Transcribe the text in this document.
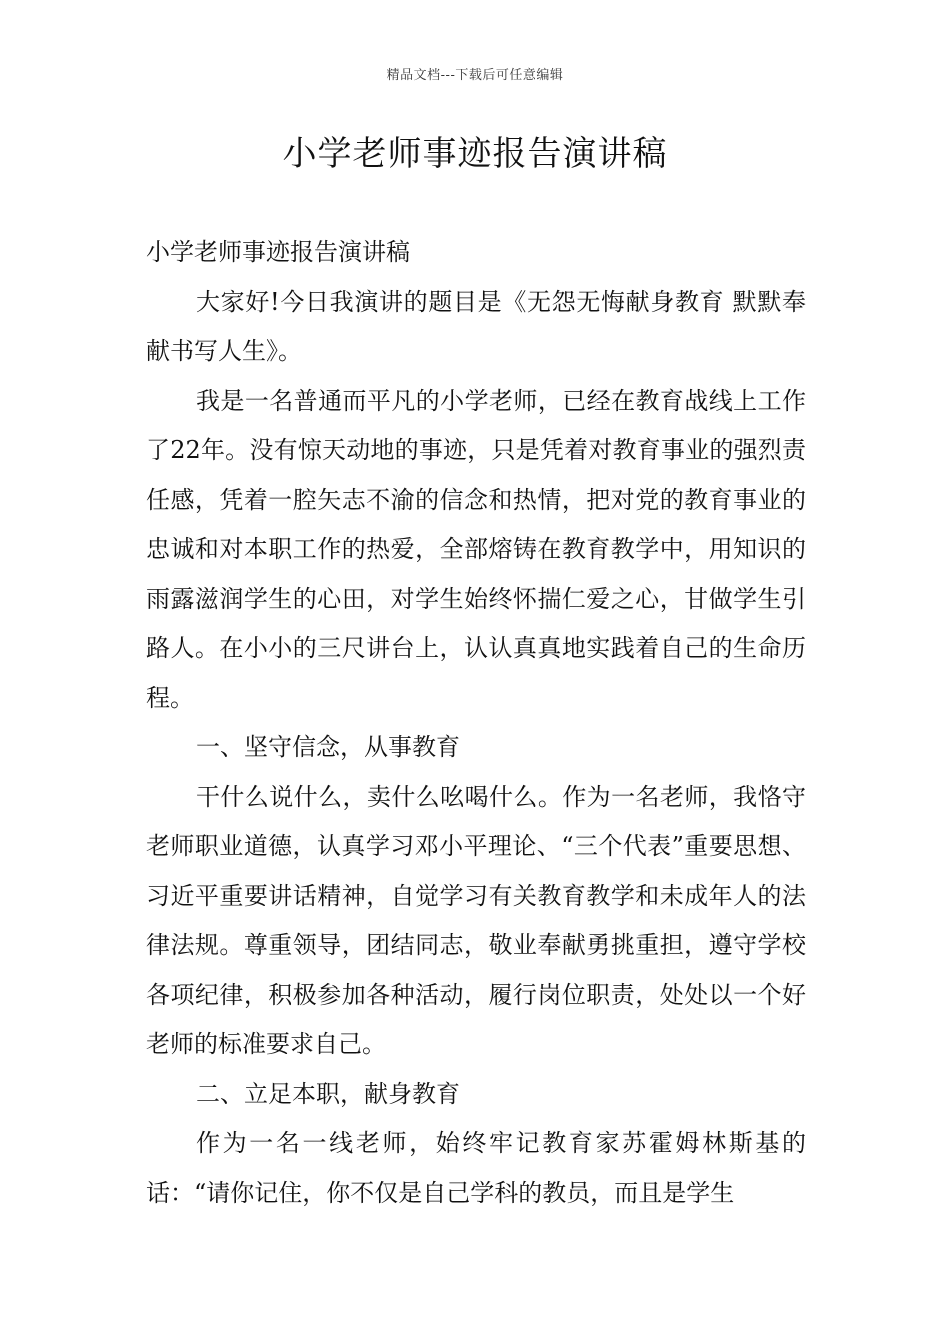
精品文档---下载后可任意编辑
小学老师事迹报告演讲稿

小学老师事迹报告演讲稿

大家好!今日我演讲的题目是《无怨无悔献身教育 默默奉献书写人生》。

我是一名普通而平凡的小学老师，已经在教育战线上工作了22年。没有惊天动地的事迹，只是凭着对教育事业的强烈责任感，凭着一腔矢志不渝的信念和热情，把对党的教育事业的忠诚和对本职工作的热爱，全部熔铸在教育教学中，用知识的雨露滋润学生的心田，对学生始终怀揣仁爱之心，甘做学生引路人。在小小的三尺讲台上，认认真真地实践着自己的生命历程。

一、坚守信念，从事教育

干什么说什么，卖什么吆喝什么。作为一名老师，我恪守老师职业道德，认真学习邓小平理论、“三个代表”重要思想、习近平重要讲话精神，自觉学习有关教育教学和未成年人的法律法规。尊重领导，团结同志，敬业奉献勇挑重担，遵守学校各项纪律，积极参加各种活动，履行岗位职责，处处以一个好老师的标准要求自己。

二、立足本职，献身教育

作为一名一线老师，始终牢记教育家苏霍姆林斯基的话：“请你记住，你不仅是自己学科的教员，而且是学生
